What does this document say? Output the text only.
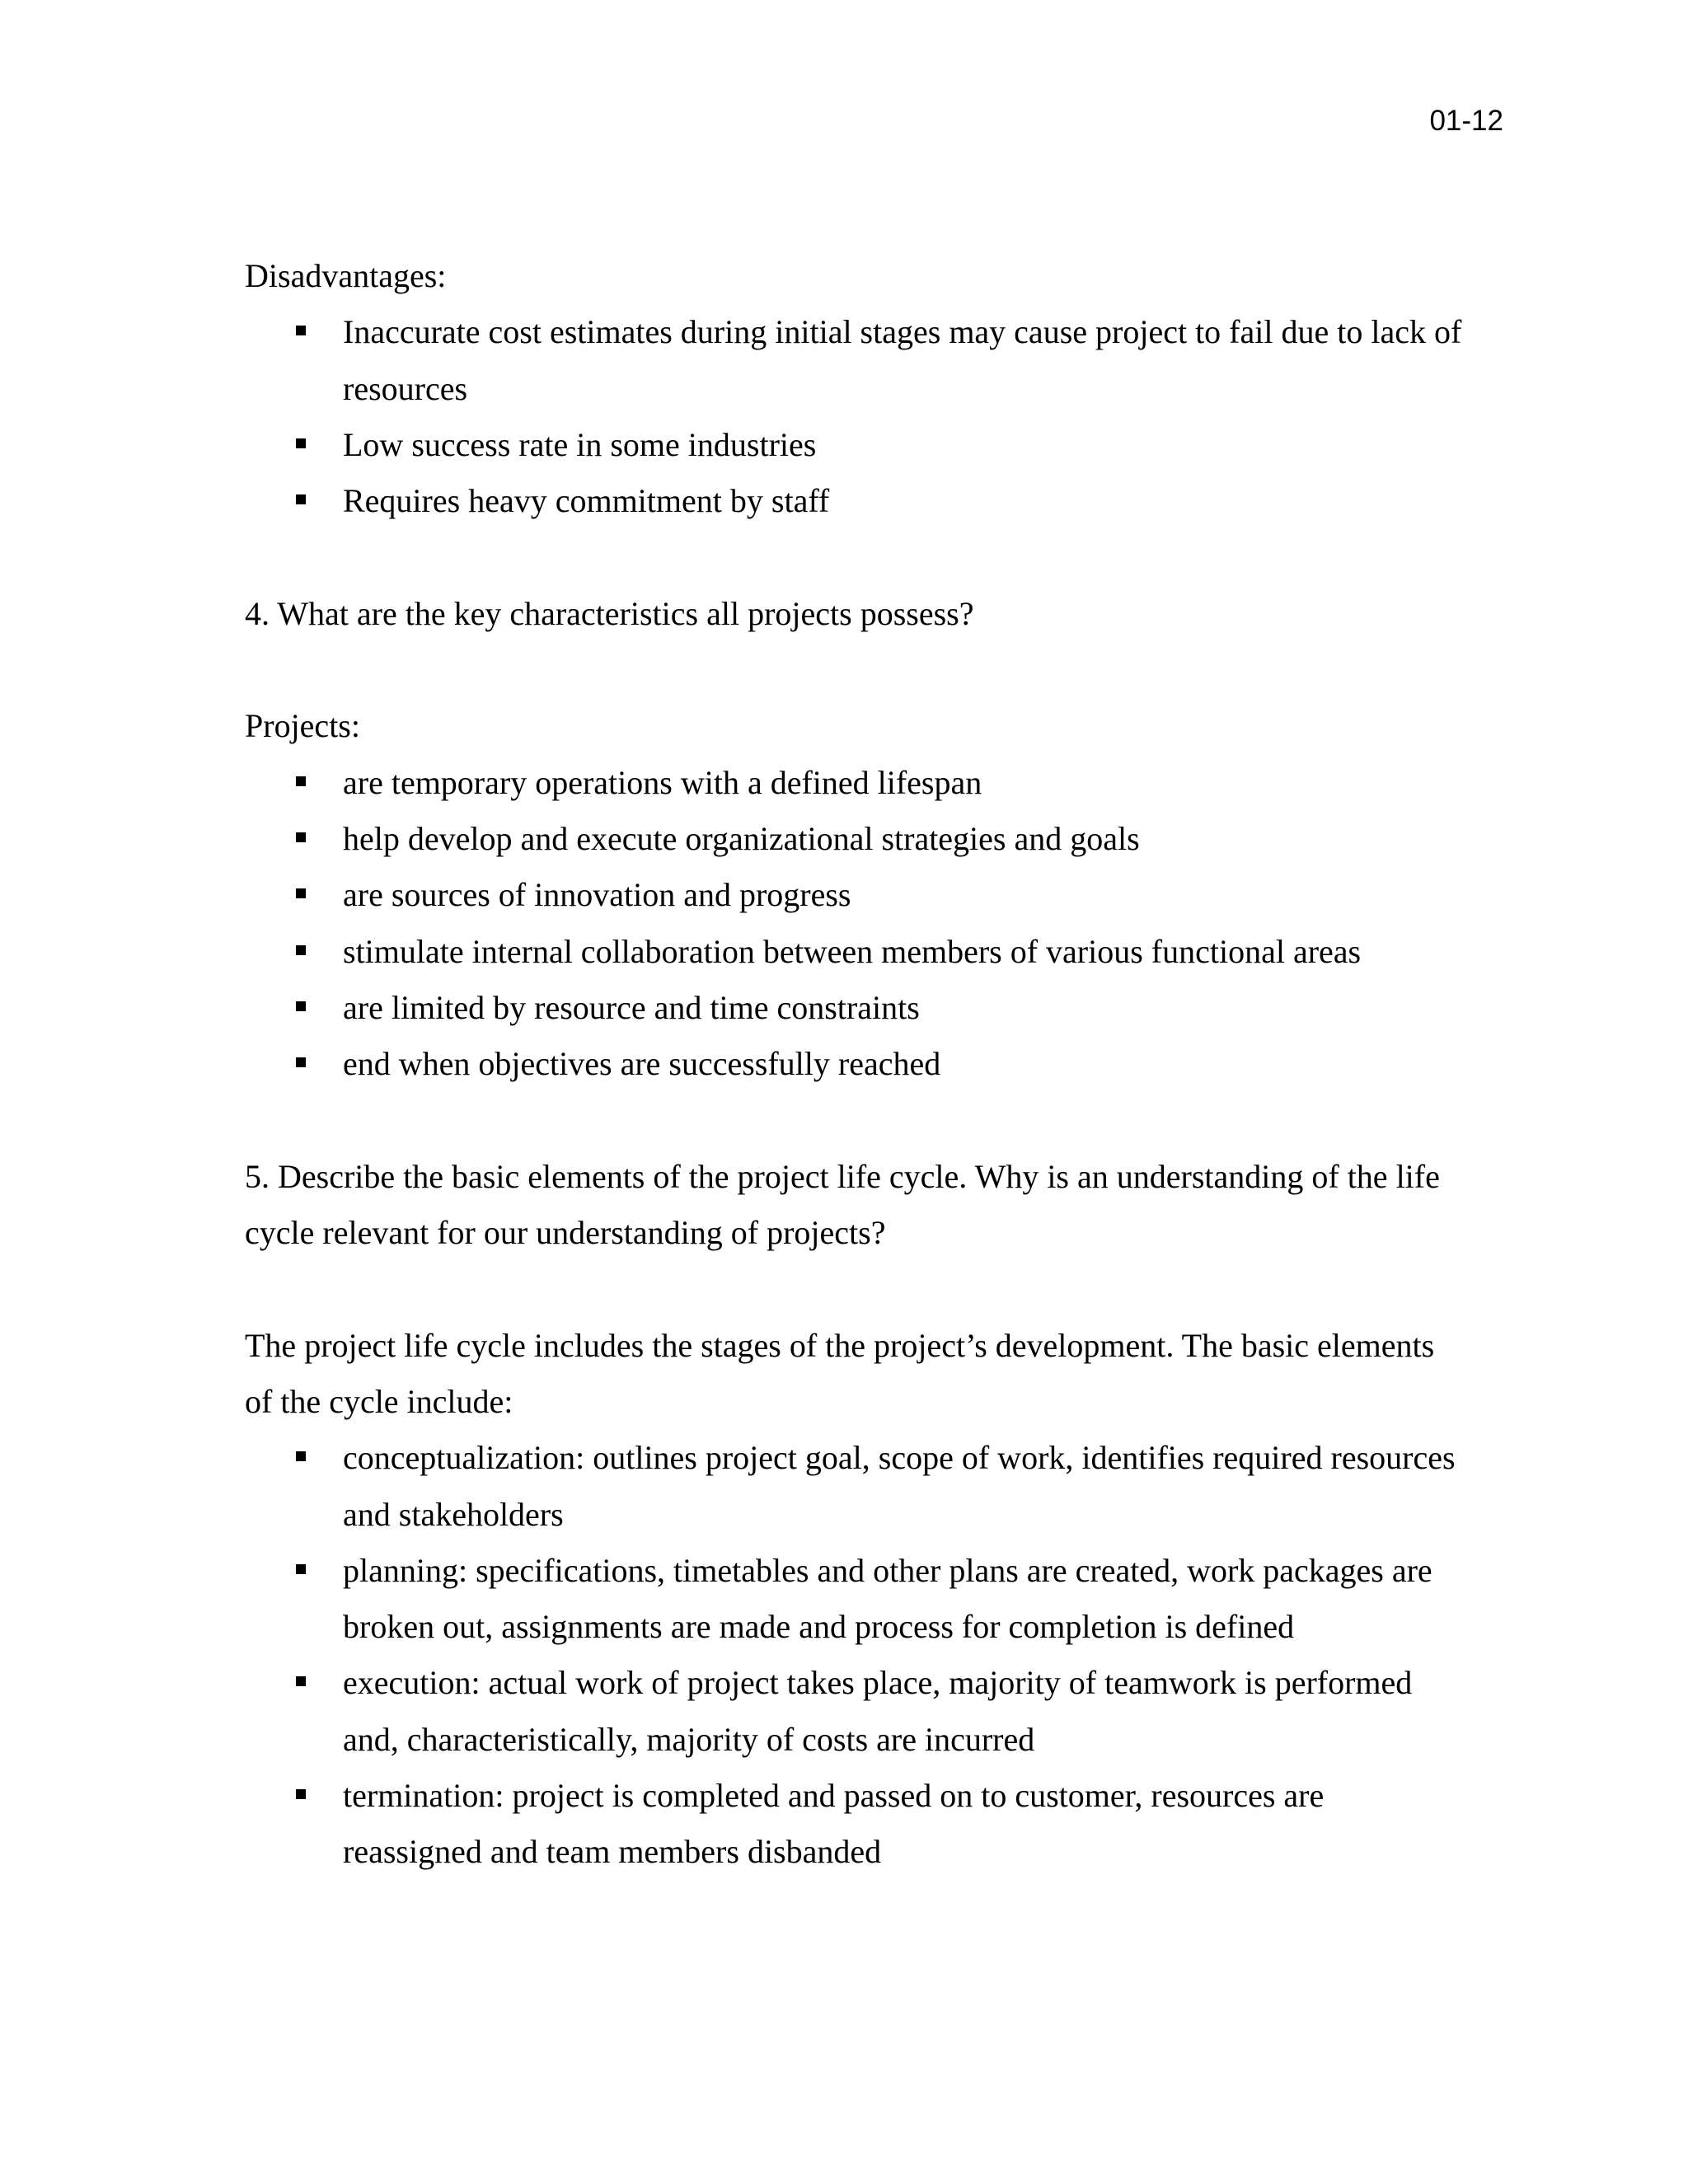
01-12

Disadvantages:

Inaccurate cost estimates during initial stages may cause project to fail due to lack of resources
Low success rate in some industries
Requires heavy commitment by staff

4. What are the key characteristics all projects possess?

Projects:

are temporary operations with a defined lifespan
help develop and execute organizational strategies and goals
are sources of innovation and progress
stimulate internal collaboration between members of various functional areas
are limited by resource and time constraints
end when objectives are successfully reached

5. Describe the basic elements of the project life cycle. Why is an understanding of the life cycle relevant for our understanding of projects?

The project life cycle includes the stages of the project’s development. The basic elements of the cycle include:

conceptualization: outlines project goal, scope of work, identifies required resources and stakeholders
planning: specifications, timetables and other plans are created, work packages are broken out, assignments are made and process for completion is defined
execution: actual work of project takes place, majority of teamwork is performed and, characteristically, majority of costs are incurred
termination: project is completed and passed on to customer, resources are reassigned and team members disbanded
